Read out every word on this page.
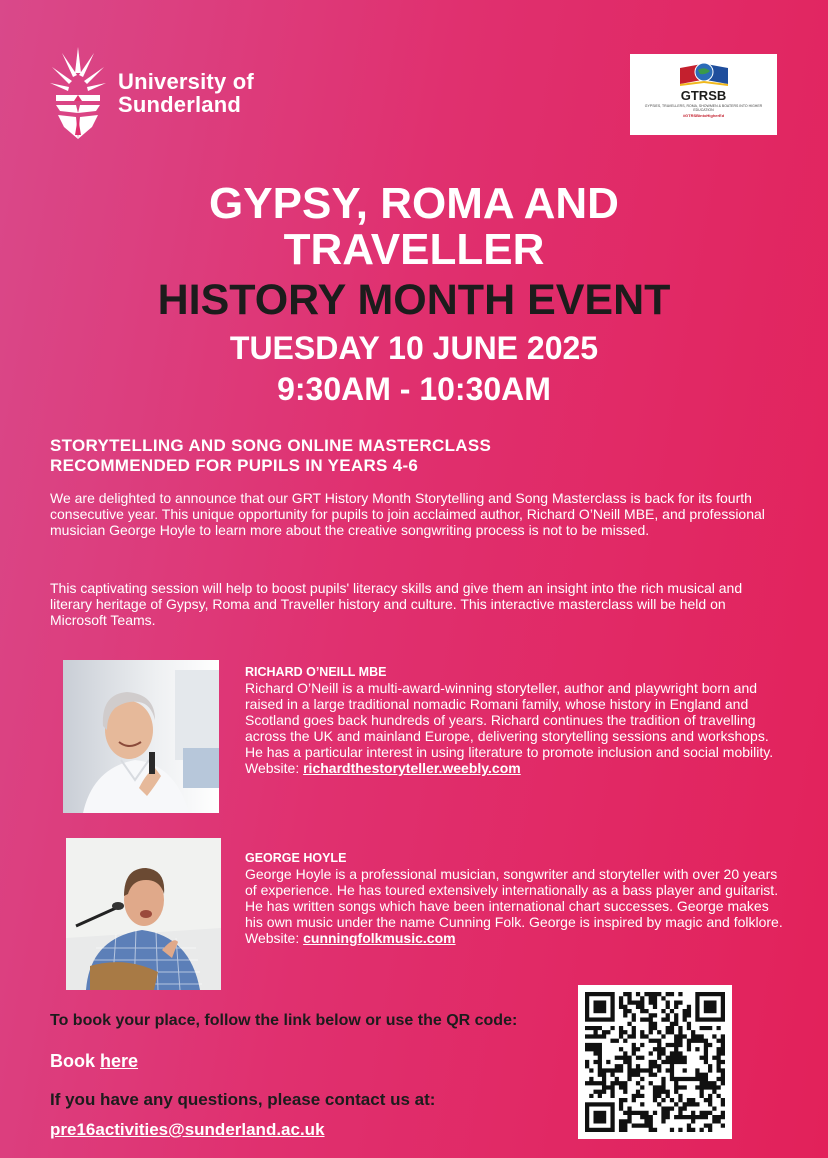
University of
Sunderland	GTRSB
GYPSIES, TRAVELLERS, ROMA, SHOWMEN & BOATERS INTO HIGHER EDUCATION
#GTRSBintoHigherEd
GYPSY, ROMA AND
TRAVELLER
HISTORY MONTH EVENT
TUESDAY 10 JUNE 2025
9:30AM - 10:30AM
STORYTELLING AND SONG ONLINE MASTERCLASS
RECOMMENDED FOR PUPILS IN YEARS 4-6

We are delighted to announce that our GRT History Month Storytelling and Song Masterclass is back for its fourth consecutive year. This unique opportunity for pupils to join acclaimed author, Richard O’Neill MBE, and professional musician George Hoyle to learn more about the creative songwriting process is not to be missed.

This captivating session will help to boost pupils' literacy skills and give them an insight into the rich musical and literary heritage of Gypsy, Roma and Traveller history and culture. This interactive masterclass will be held on Microsoft Teams.

RICHARD O’NEILL MBE
Richard O’Neill is a multi-award-winning storyteller, author and playwright born and raised in a large traditional nomadic Romani family, whose history in England and Scotland goes back hundreds of years. Richard continues the tradition of travelling across the UK and mainland Europe, delivering storytelling sessions and workshops. He has a particular interest in using literature to promote inclusion and social mobility.
Website: richardthestoryteller.weebly.com
GEORGE HOYLE
George Hoyle is a professional musician, songwriter and storyteller with over 20 years of experience. He has toured extensively internationally as a bass player and guitarist. He has written songs which have been international chart successes. George makes his own music under the name Cunning Folk. George is inspired by magic and folklore.
Website: cunningfolkmusic.com

To book your place, follow the link below or use the QR code:

Book here

If you have any questions, please contact us at:

pre16activities@sunderland.ac.uk
